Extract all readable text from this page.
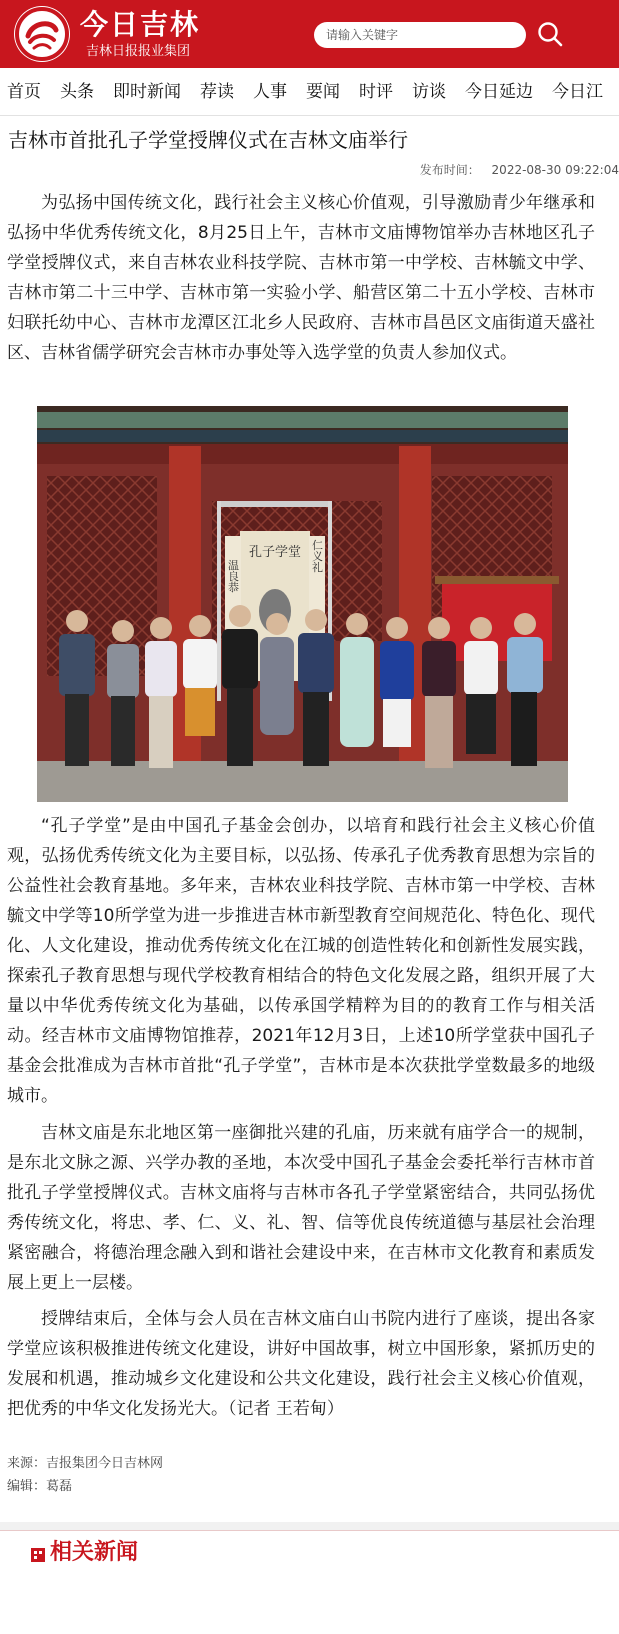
今日吉林
吉林日报报业集团
请输入关键字
首页 头条 即时新闻 荐读 人事 要闻 时评 访谈 今日延边 今日江
吉林市首批孔子学堂授牌仪式在吉林文庙举行
发布时间： 2022-08-30 09:22:04

为弘扬中国传统文化，践行社会主义核心价值观，引导激励青少年继承和弘扬中华优秀传统文化，8月25日上午，吉林市文庙博物馆举办吉林地区孔子学堂授牌仪式，来自吉林农业科技学院、吉林市第一中学校、吉林毓文中学、吉林市第二十三中学、吉林市第一实验小学、船营区第二十五小学校、吉林市妇联托幼中心、吉林市龙潭区江北乡人民政府、吉林市昌邑区文庙街道天盛社区、吉林省儒学研究会吉林市办事处等入选学堂的负责人参加仪式。

孔子学堂
温良恭
仁义礼

“孔子学堂”是由中国孔子基金会创办，以培育和践行社会主义核心价值观，弘扬优秀传统文化为主要目标，以弘扬、传承孔子优秀教育思想为宗旨的公益性社会教育基地。多年来，吉林农业科技学院、吉林市第一中学校、吉林毓文中学等10所学堂为进一步推进吉林市新型教育空间规范化、特色化、现代化、人文化建设，推动优秀传统文化在江城的创造性转化和创新性发展实践，探索孔子教育思想与现代学校教育相结合的特色文化发展之路，组织开展了大量以中华优秀传统文化为基础，以传承国学精粹为目的的教育工作与相关活动。经吉林市文庙博物馆推荐，2021年12月3日，上述10所学堂获中国孔子基金会批准成为吉林市首批“孔子学堂”，吉林市是本次获批学堂数最多的地级城市。

吉林文庙是东北地区第一座御批兴建的孔庙，历来就有庙学合一的规制，是东北文脉之源、兴学办教的圣地，本次受中国孔子基金会委托举行吉林市首批孔子学堂授牌仪式。吉林文庙将与吉林市各孔子学堂紧密结合，共同弘扬优秀传统文化，将忠、孝、仁、义、礼、智、信等优良传统道德与基层社会治理紧密融合，将德治理念融入到和谐社会建设中来，在吉林市文化教育和素质发展上更上一层楼。

授牌结束后，全体与会人员在吉林文庙白山书院内进行了座谈，提出各家学堂应该积极推进传统文化建设，讲好中国故事，树立中国形象，紧抓历史的发展和机遇，推动城乡文化建设和公共文化建设，践行社会主义核心价值观，把优秀的中华文化发扬光大。（记者 王若甸）

来源：吉报集团今日吉林网
编辑：葛磊
相关新闻
